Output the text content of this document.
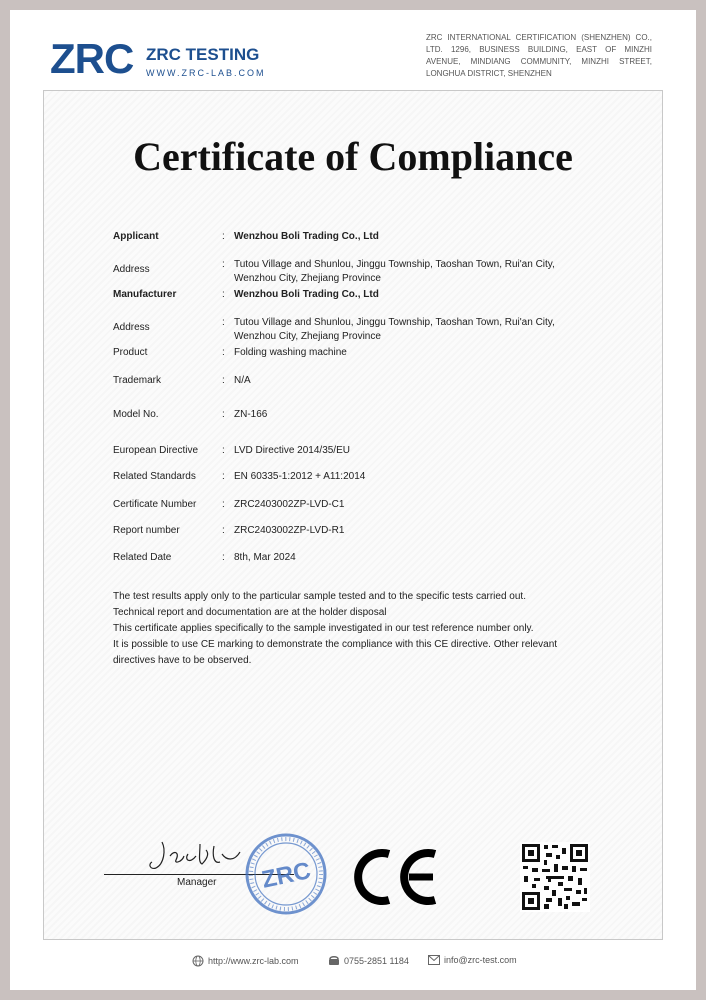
ZRC ZRC TESTING
WWW.ZRC-LAB.COM
ZRC INTERNATIONAL CERTIFICATION (SHENZHEN) CO., LTD. 1296, BUSINESS BUILDING, EAST OF MINZHI AVENUE, MINDIANG COMMUNITY, MINZHI STREET, LONGHUA DISTRICT, SHENZHEN
Certificate of Compliance
Applicant	: Wenzhou Boli Trading Co., Ltd
Address	: Tutou Village and Shunlou, Jinggu Township, Taoshan Town, Rui'an City, Wenzhou City, Zhejiang Province
Manufacturer	: Wenzhou Boli Trading Co., Ltd
Address	: Tutou Village and Shunlou, Jinggu Township, Taoshan Town, Rui'an City, Wenzhou City, Zhejiang Province
Product	: Folding washing machine
Trademark	: N/A
Model No.	: ZN-166
European Directive : LVD Directive 2014/35/EU
Related Standards	: EN 60335-1:2012 + A11:2014
Certificate Number	: ZRC2403002ZP-LVD-C1
Report number	: ZRC2403002ZP-LVD-R1
Related Date	: 8th, Mar 2024
The test results apply only to the particular sample tested and to the specific tests carried out.
Technical report and documentation are at the holder disposal
This certificate applies specifically to the sample investigated in our test reference number only.
It is possible to use CE marking to demonstrate the compliance with this CE directive. Other relevant directives have to be observed.
Manager ZRC
http://www.zrc-lab.com	0755-2851 1184	info@zrc-test.com
